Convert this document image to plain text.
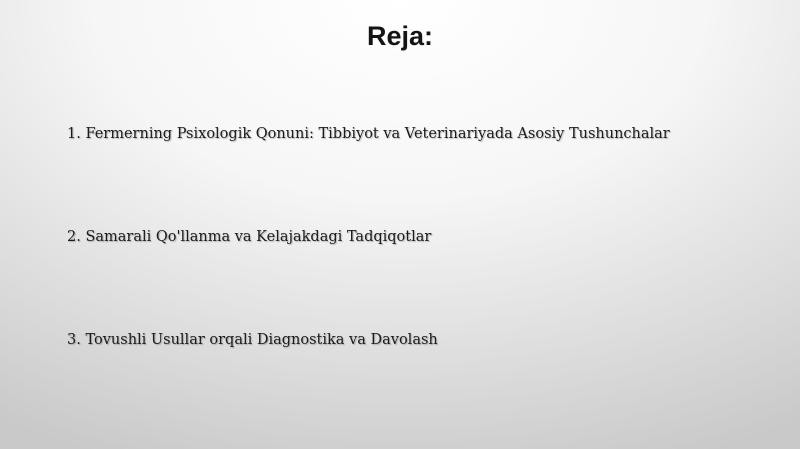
Reja:
1. Fermerning Psixologik Qonuni: Tibbiyot va Veterinariyada Asosiy Tushunchalar
2. Samarali Qo'llanma va Kelajakdagi Tadqiqotlar
3. Tovushli Usullar orqali Diagnostika va Davolash
